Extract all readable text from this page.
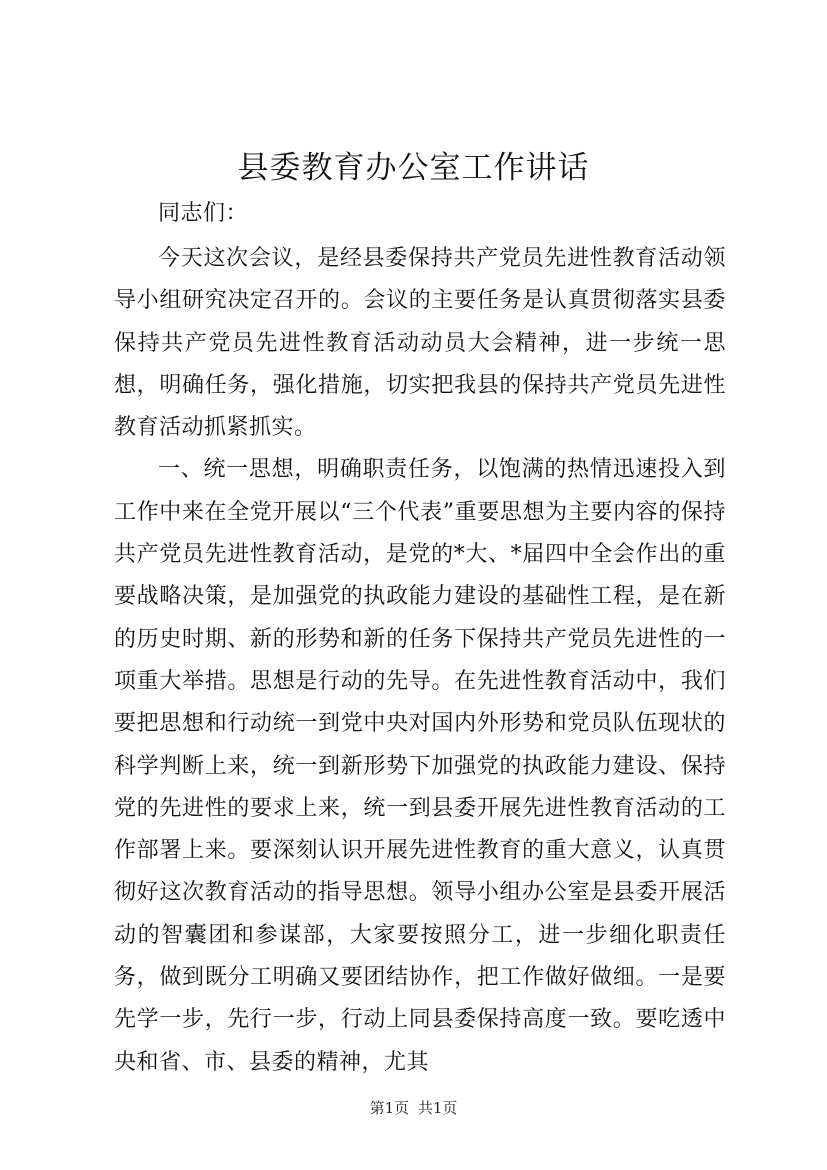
县委教育办公室工作讲话

同志们：

今天这次会议，是经县委保持共产党员先进性教育活动领导小组研究决定召开的。会议的主要任务是认真贯彻落实县委保持共产党员先进性教育活动动员大会精神，进一步统一思想，明确任务，强化措施，切实把我县的保持共产党员先进性教育活动抓紧抓实。

一、统一思想，明确职责任务，以饱满的热情迅速投入到工作中来在全党开展以“三个代表”重要思想为主要内容的保持共产党员先进性教育活动，是党的*大、*届四中全会作出的重要战略决策，是加强党的执政能力建设的基础性工程，是在新的历史时期、新的形势和新的任务下保持共产党员先进性的一项重大举措。思想是行动的先导。在先进性教育活动中，我们要把思想和行动统一到党中央对国内外形势和党员队伍现状的科学判断上来，统一到新形势下加强党的执政能力建设、保持党的先进性的要求上来，统一到县委开展先进性教育活动的工作部署上来。要深刻认识开展先进性教育的重大意义，认真贯彻好这次教育活动的指导思想。领导小组办公室是县委开展活动的智囊团和参谋部，大家要按照分工，进一步细化职责任务，做到既分工明确又要团结协作，把工作做好做细。一是要先学一步，先行一步，行动上同县委保持高度一致。要吃透中央和省、市、县委的精神，尤其

第1页 共1页
